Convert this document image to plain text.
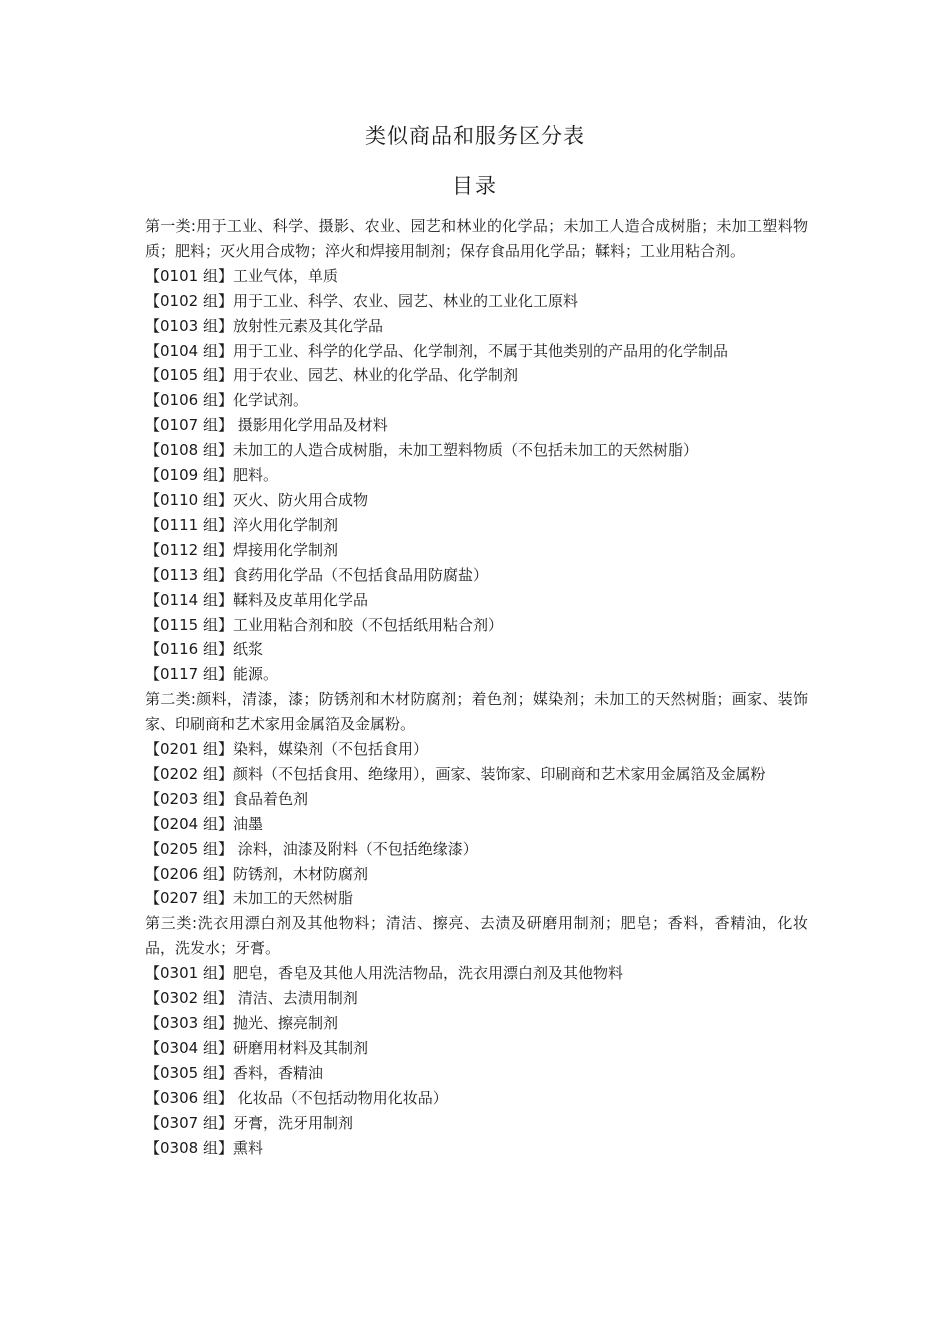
类似商品和服务区分表
目录

第一类:用于工业、科学、摄影、农业、园艺和林业的化学品；未加工人造合成树脂；未加工塑料物质；肥料；灭火用合成物；淬火和焊接用制剂；保存食品用化学品；鞣料；工业用粘合剂。

【0101 组】工业气体，单质

【0102 组】用于工业、科学、农业、园艺、林业的工业化工原料

【0103 组】放射性元素及其化学品

【0104 组】用于工业、科学的化学品、化学制剂，不属于其他类别的产品用的化学制品

【0105 组】用于农业、园艺、林业的化学品、化学制剂

【0106 组】化学试剂。

【0107 组】 摄影用化学用品及材料

【0108 组】未加工的人造合成树脂，未加工塑料物质（不包括未加工的天然树脂）

【0109 组】肥料。

【0110 组】灭火、防火用合成物

【0111 组】淬火用化学制剂

【0112 组】焊接用化学制剂

【0113 组】食药用化学品（不包括食品用防腐盐）

【0114 组】鞣料及皮革用化学品

【0115 组】工业用粘合剂和胶（不包括纸用粘合剂）

【0116 组】纸浆

【0117 组】能源。

第二类:颜料，清漆，漆；防锈剂和木材防腐剂；着色剂；媒染剂；未加工的天然树脂；画家、装饰家、印刷商和艺术家用金属箔及金属粉。

【0201 组】染料，媒染剂（不包括食用）

【0202 组】颜料（不包括食用、绝缘用），画家、装饰家、印刷商和艺术家用金属箔及金属粉

【0203 组】食品着色剂

【0204 组】油墨

【0205 组】 涂料，油漆及附料（不包括绝缘漆）

【0206 组】防锈剂，木材防腐剂

【0207 组】未加工的天然树脂

第三类:洗衣用漂白剂及其他物料；清洁、擦亮、去渍及研磨用制剂；肥皂；香料，香精油，化妆品，洗发水；牙膏。

【0301 组】肥皂，香皂及其他人用洗洁物品，洗衣用漂白剂及其他物料

【0302 组】 清洁、去渍用制剂

【0303 组】抛光、擦亮制剂

【0304 组】研磨用材料及其制剂

【0305 组】香料，香精油

【0306 组】 化妆品（不包括动物用化妆品）

【0307 组】牙膏，洗牙用制剂

【0308 组】熏料
